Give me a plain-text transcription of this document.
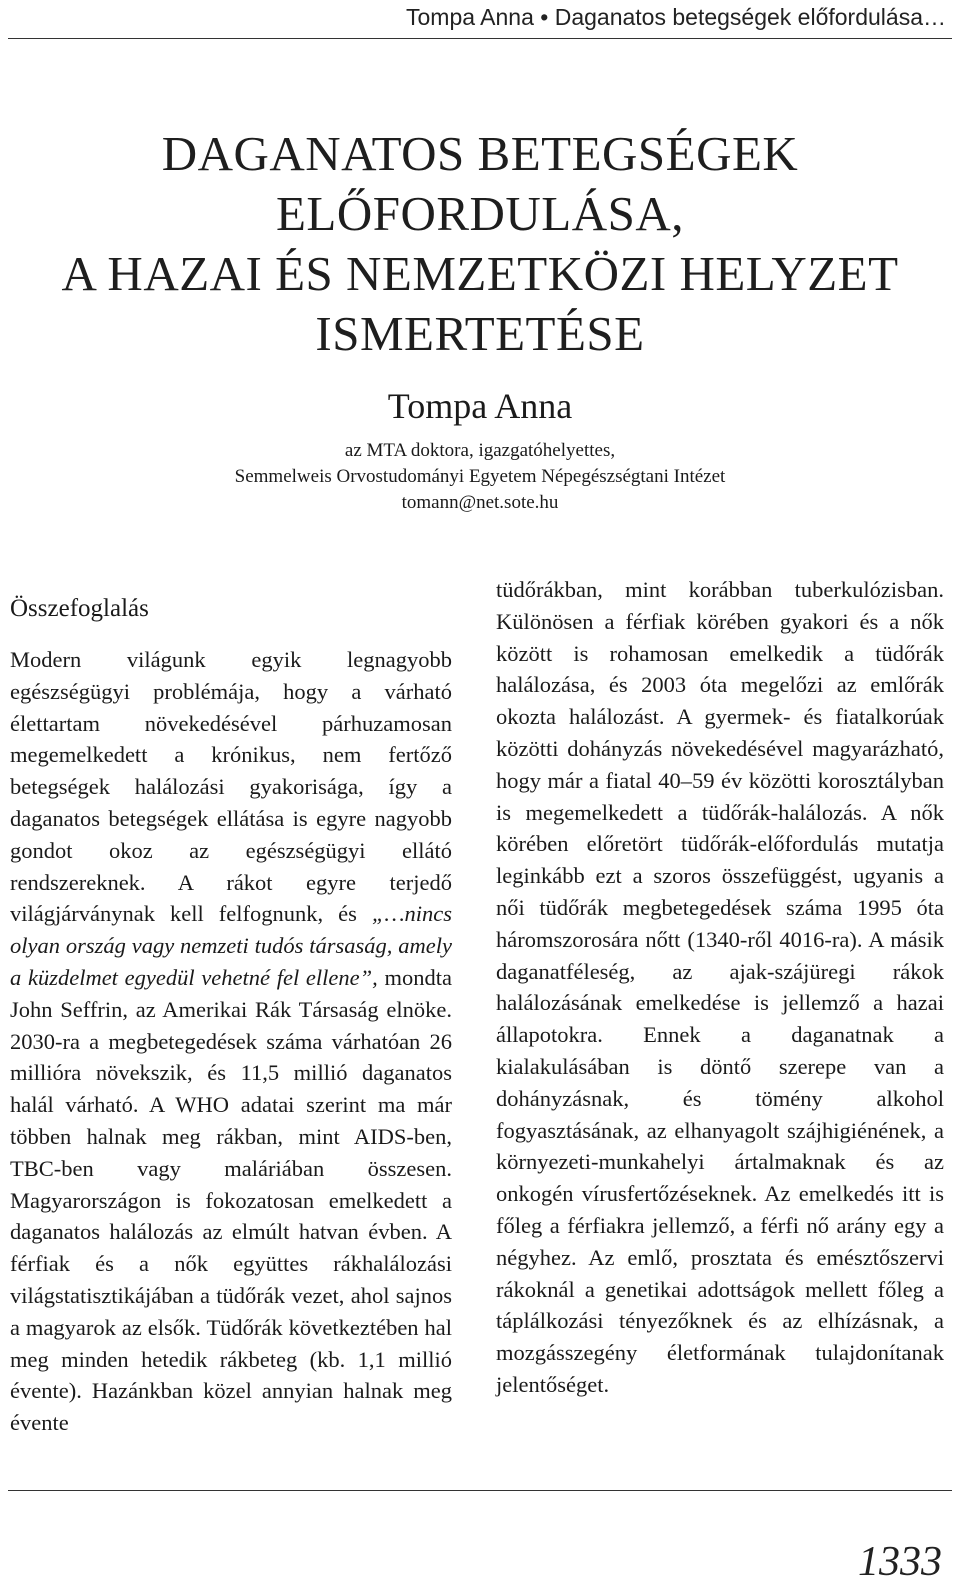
Tompa Anna • Daganatos betegségek előfordulása…
DAGANATOS BETEGSÉGEK
ELŐFORDULÁSA,
A HAZAI ÉS NEMZETKÖZI HELYZET
ISMERTETÉSE
Tompa Anna
az MTA doktora, igazgatóhelyettes,
Semmelweis Orvostudományi Egyetem Népegészségtani Intézet
tomann@net.sote.hu
Összefoglalás

Modern világunk egyik legnagyobb egészségügyi problémája, hogy a várható élettartam növekedésével párhuzamosan megemelkedett a krónikus, nem fertőző betegségek halálozási gyakorisága, így a daganatos betegségek ellátása is egyre nagyobb gondot okoz az egészségügyi ellátó rendszereknek. A rákot egyre terjedő világjárványnak kell felfognunk, és „…nincs olyan ország vagy nemzeti tudós társaság, amely a küzdelmet egyedül vehetné fel ellene”, mondta John Seffrin, az Amerikai Rák Társaság elnöke. 2030-ra a megbetegedések száma várhatóan 26 millióra növekszik, és 11,5 millió daganatos halál várható. A WHO adatai szerint ma már többen halnak meg rákban, mint AIDS-ben, TBC-ben vagy maláriában összesen. Magyarországon is fokozatosan emelkedett a daganatos halálozás az elmúlt hatvan évben. A férfiak és a nők együttes rákhalálozási világstatisztikájában a tüdőrák vezet, ahol sajnos a magyarok az elsők. Tüdőrák következtében hal meg minden hetedik rákbeteg (kb. 1,1 millió évente). Hazánkban közel annyian halnak meg évente

tüdőrákban, mint korábban tuberkulózisban. Különösen a férfiak körében gyakori és a nők között is rohamosan emelkedik a tüdőrák halálozása, és 2003 óta megelőzi az emlőrák okozta halálozást. A gyermek- és fiatalkorúak közötti dohányzás növekedésével magyarázható, hogy már a fiatal 40–59 év közötti korosztályban is megemelkedett a tüdőrák-halálozás. A nők körében előretört tüdőrák-előfordulás mutatja leginkább ezt a szoros összefüggést, ugyanis a női tüdőrák megbetegedések száma 1995 óta háromszorosára nőtt (1340-ről 4016-ra). A másik daganatféleség, az ajak-szájüregi rákok halálozásának emelkedése is jellemző a hazai állapotokra. Ennek a daganatnak a kialakulásában is döntő szerepe van a dohányzásnak, és tömény alkohol fogyasztásának, az elhanyagolt szájhigiénének, a környezeti-munkahelyi ártalmaknak és az onkogén vírusfertőzéseknek. Az emelkedés itt is főleg a férfiakra jellemző, a férfi nő arány egy a négyhez. Az emlő, prosztata és emésztőszervi rákoknál a genetikai adottságok mellett főleg a táplálkozási tényezőknek és az elhízásnak, a mozgásszegény életformának tulajdonítanak jelentőséget.

1333
